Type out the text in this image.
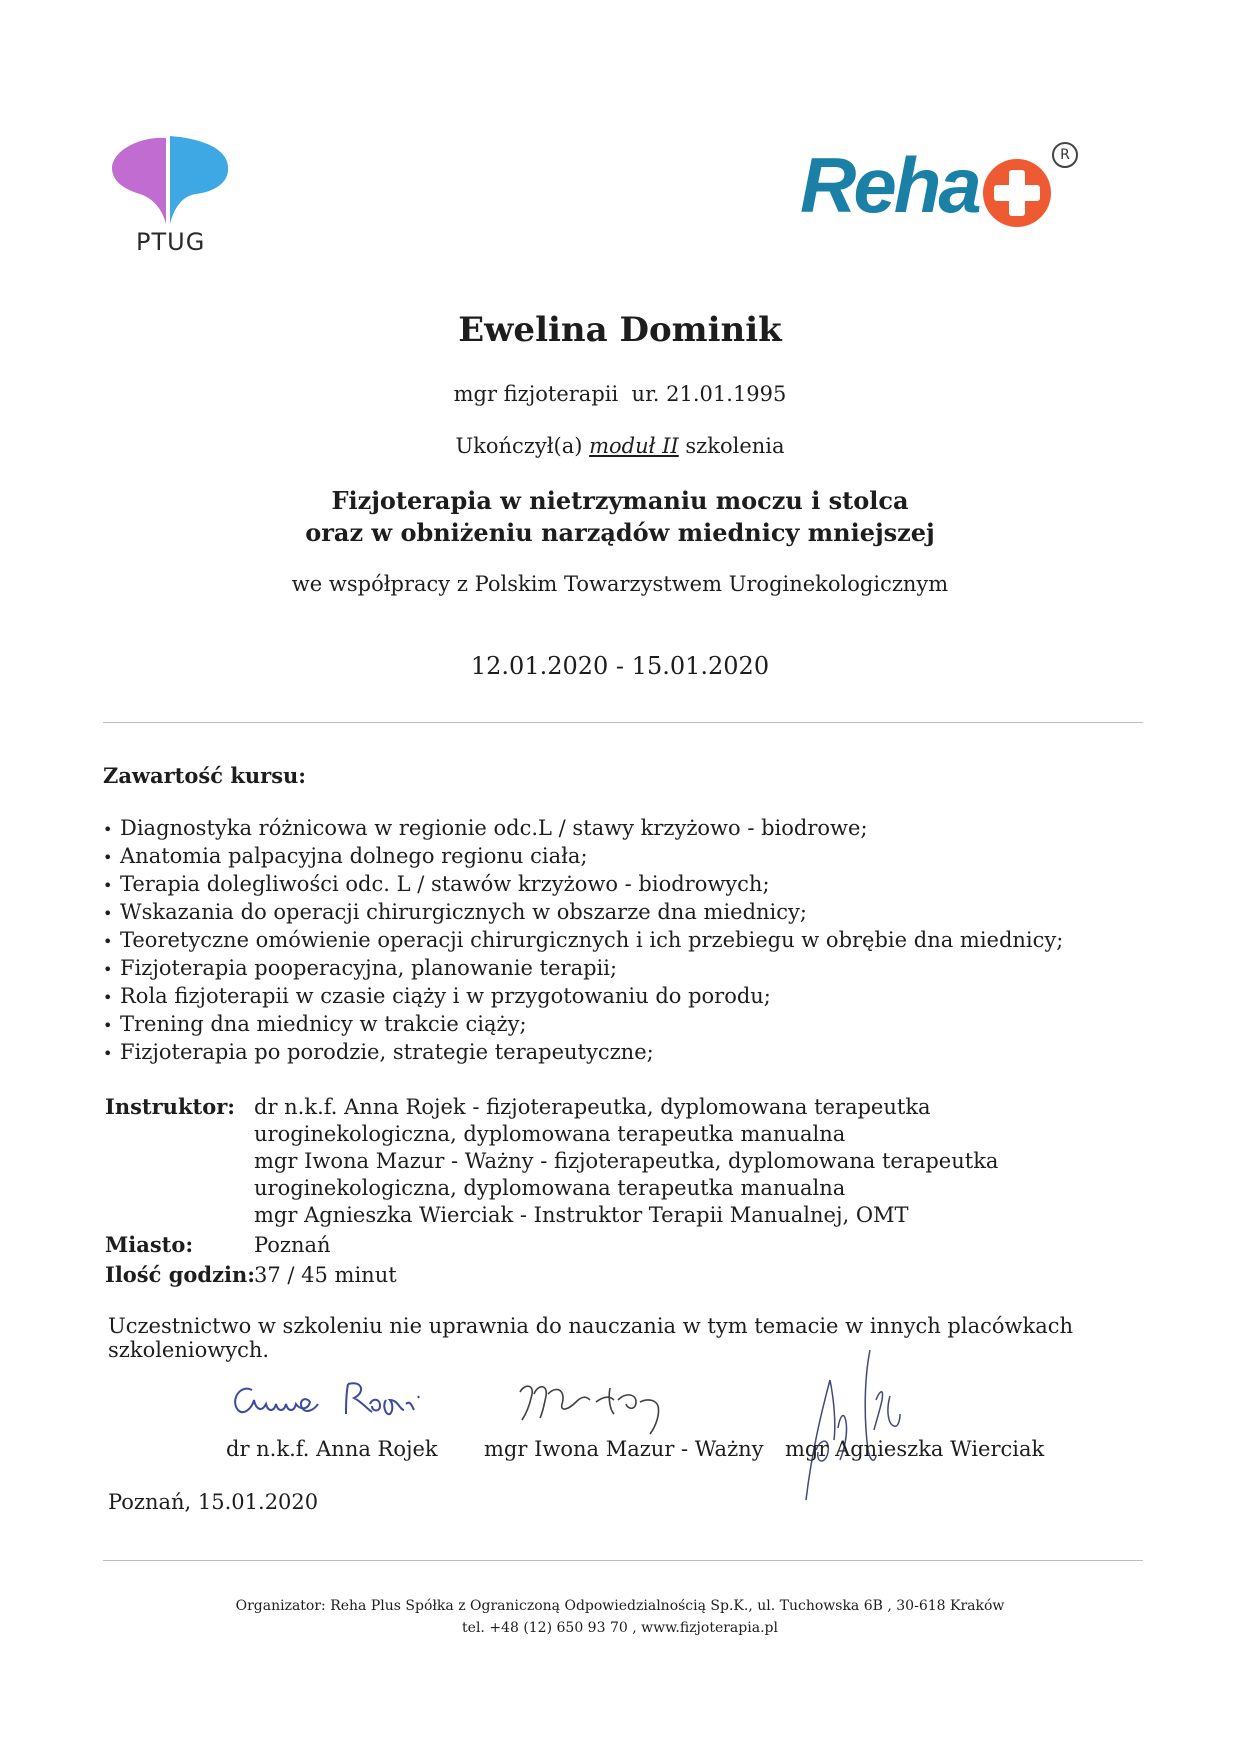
PTUG
Reha	R
Ewelina Dominik
mgr fizjoterapii  ur. 21.01.1995
Ukończył(a) moduł II szkolenia
Fizjoterapia w nietrzymaniu moczu i stolca
oraz w obniżeniu narządów miednicy mniejszej
we współpracy z Polskim Towarzystwem Uroginekologicznym
12.01.2020 - 15.01.2020
Zawartość kursu:
• Diagnostyka różnicowa w regionie odc.L / stawy krzyżowo - biodrowe;
• Anatomia palpacyjna dolnego regionu ciała;
• Terapia dolegliwości odc. L / stawów krzyżowo - biodrowych;
• Wskazania do operacji chirurgicznych w obszarze dna miednicy;
• Teoretyczne omówienie operacji chirurgicznych i ich przebiegu w obrębie dna miednicy;
• Fizjoterapia pooperacyjna, planowanie terapii;
• Rola fizjoterapii w czasie ciąży i w przygotowaniu do porodu;
• Trening dna miednicy w trakcie ciąży;
• Fizjoterapia po porodzie, strategie terapeutyczne;
Instruktor: dr n.k.f. Anna Rojek - fizjoterapeutka, dyplomowana terapeutka uroginekologiczna, dyplomowana terapeutka manualna
mgr Iwona Mazur - Ważny - fizjoterapeutka, dyplomowana terapeutka uroginekologiczna, dyplomowana terapeutka manualna
mgr Agnieszka Wierciak - Instruktor Terapii Manualnej, OMT
Miasto:	Poznań
Ilość godzin:
37 / 45 minut
Uczestnictwo w szkoleniu nie uprawnia do nauczania w tym temacie w innych placówkach szkoleniowych.
dr n.k.f. Anna Rojek mgr Iwona Mazur - Ważny mgr Agnieszka Wierciak
Poznań, 15.01.2020
Organizator: Reha Plus Spółka z Ograniczoną Odpowiedzialnością Sp.K., ul. Tuchowska 6B , 30-618 Kraków
tel. +48 (12) 650 93 70 , www.fizjoterapia.pl
